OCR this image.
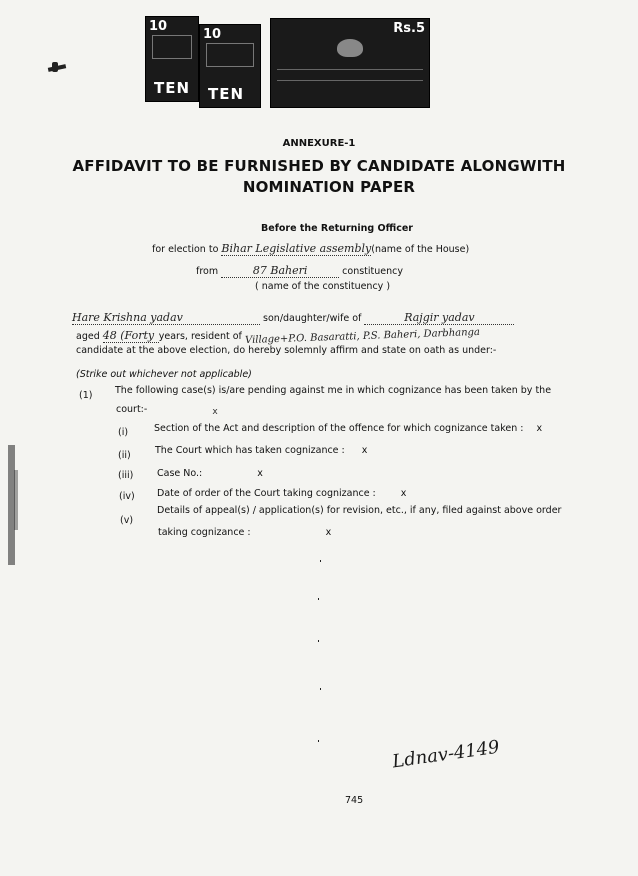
10
TEN
10
TEN
Rs.5
ANNEXURE-1
AFFIDAVIT TO BE FURNISHED BY CANDIDATE ALONGWITH
NOMINATION PAPER
Before the Returning Officer
for election to Bihar Legislative assembly(name of the House)
from	87 Baheri	constituency
( name of the constituency )
Hare Krishna yadav	son/daughter/wife of	Rajgir yadav
aged 48 (Forty years, resident of Village+P.O. Basaratti, P.S. Baheri, Darbhanga
candidate at the above election, do hereby solemnly affirm and state on oath as under:-
(Strike out whichever not applicable)
(1) The following case(s) is/are pending against me in which cognizance has been taken by the
court:-	x
(i)	Section of the Act and description of the offence for which cognizance taken : x
(ii)	The Court which has taken cognizance : x
(iii) Case No.:	x
(iv) Date of order of the Court taking cognizance :	x
(v)
Details of appeal(s) / application(s) for revision, etc., if any, filed against above order
taking cognizance :	x
Ldnav-4149
745
